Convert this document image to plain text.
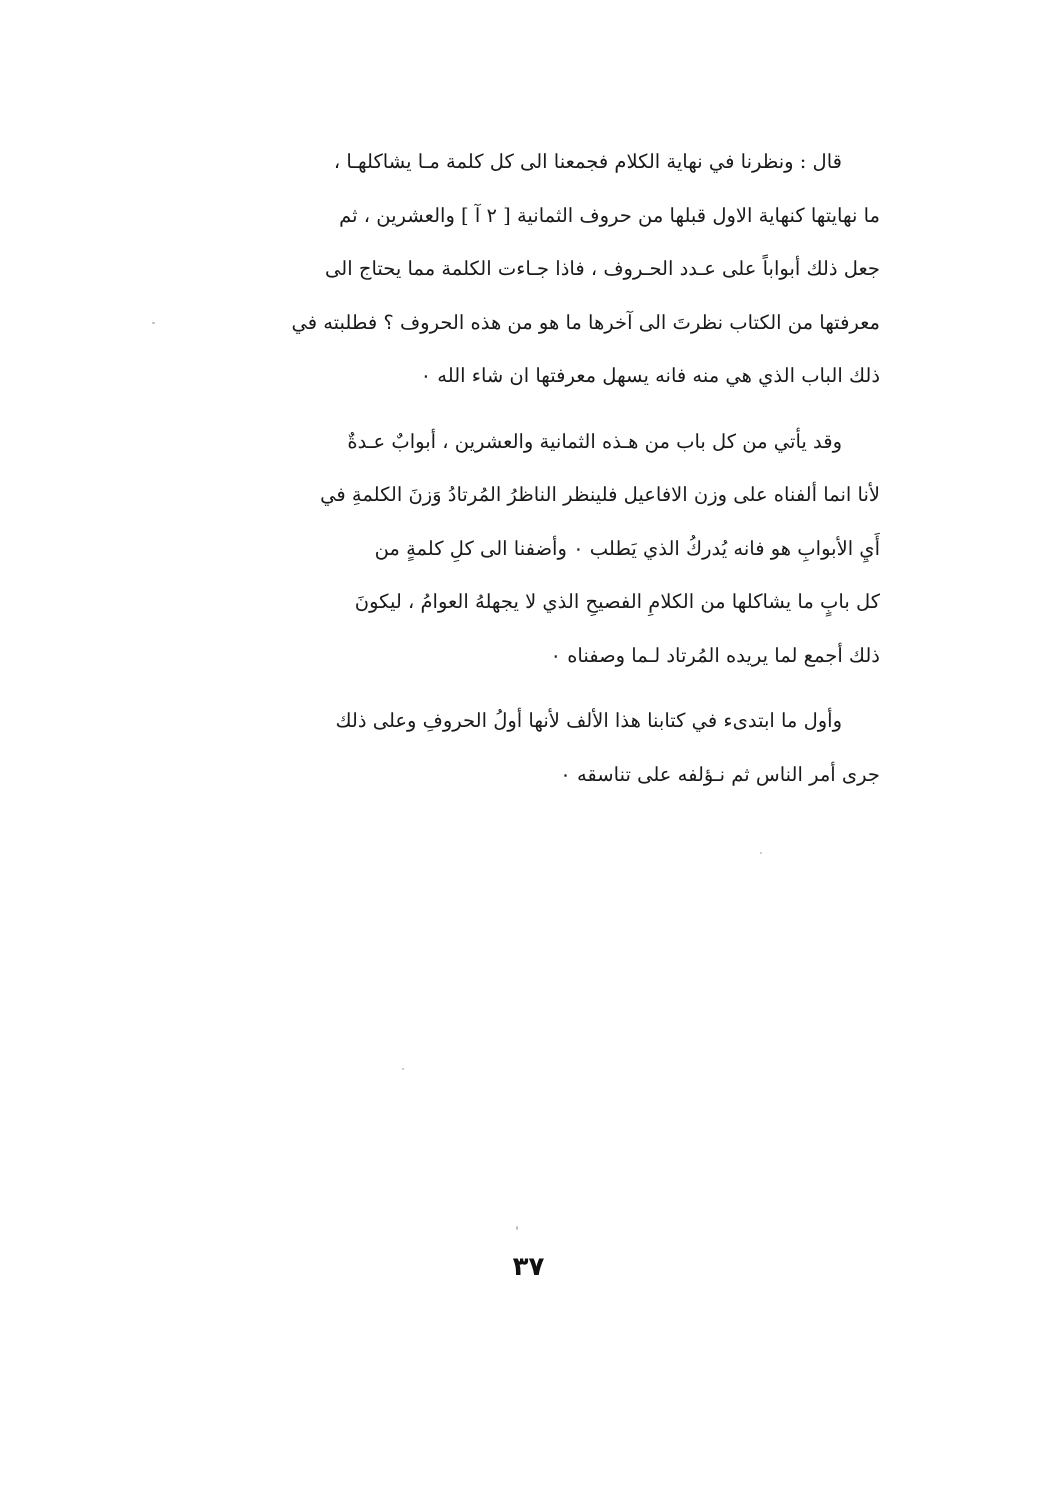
قال : ونظرنا في نهاية الكلام فجمعنا الى كل كلمة مـا يشاكلهـا ،
ما نهايتها كنهاية الاول قبلها من حروف الثمانية [ ٢ آ ] والعشرين ، ثم
جعل ذلك أبواباً على عـدد الحـروف ، فاذا جـاءت الكلمة مما يحتاج الى
معرفتها من الكتاب نظرتَ الى آخرها ما هو من هذه الحروف ؟ فطلبته في
ذلك الباب الذي هي منه فانه يسهل معرفتها ان شاء الله ٠

وقد يأتي من كل باب من هـذه الثمانية والعشرين ، أبوابٌ عـدةٌ
لأنا انما ألفناه على وزن الافاعيل فلينظر الناظرُ المُرتادُ وَزنَ الكلمةِ في
أَيِ الأبوابِ هو فانه يُدركُ الذي يَطلب ٠ وأضفنا الى كلِ كلمةٍ من
كل بابٍ ما يشاكلها من الكلامِ الفصيحِ الذي لا يجهلهُ العوامُ ، ليكونَ
ذلك أجمع لما يريده المُرتاد لـما وصفناه ٠

وأول ما ابتدىء في كتابنا هذا الألف لأنها أولُ الحروفِ وعلى ذلك
جرى أمر الناس ثم نـؤلفه على تناسقه ٠

٣٧
